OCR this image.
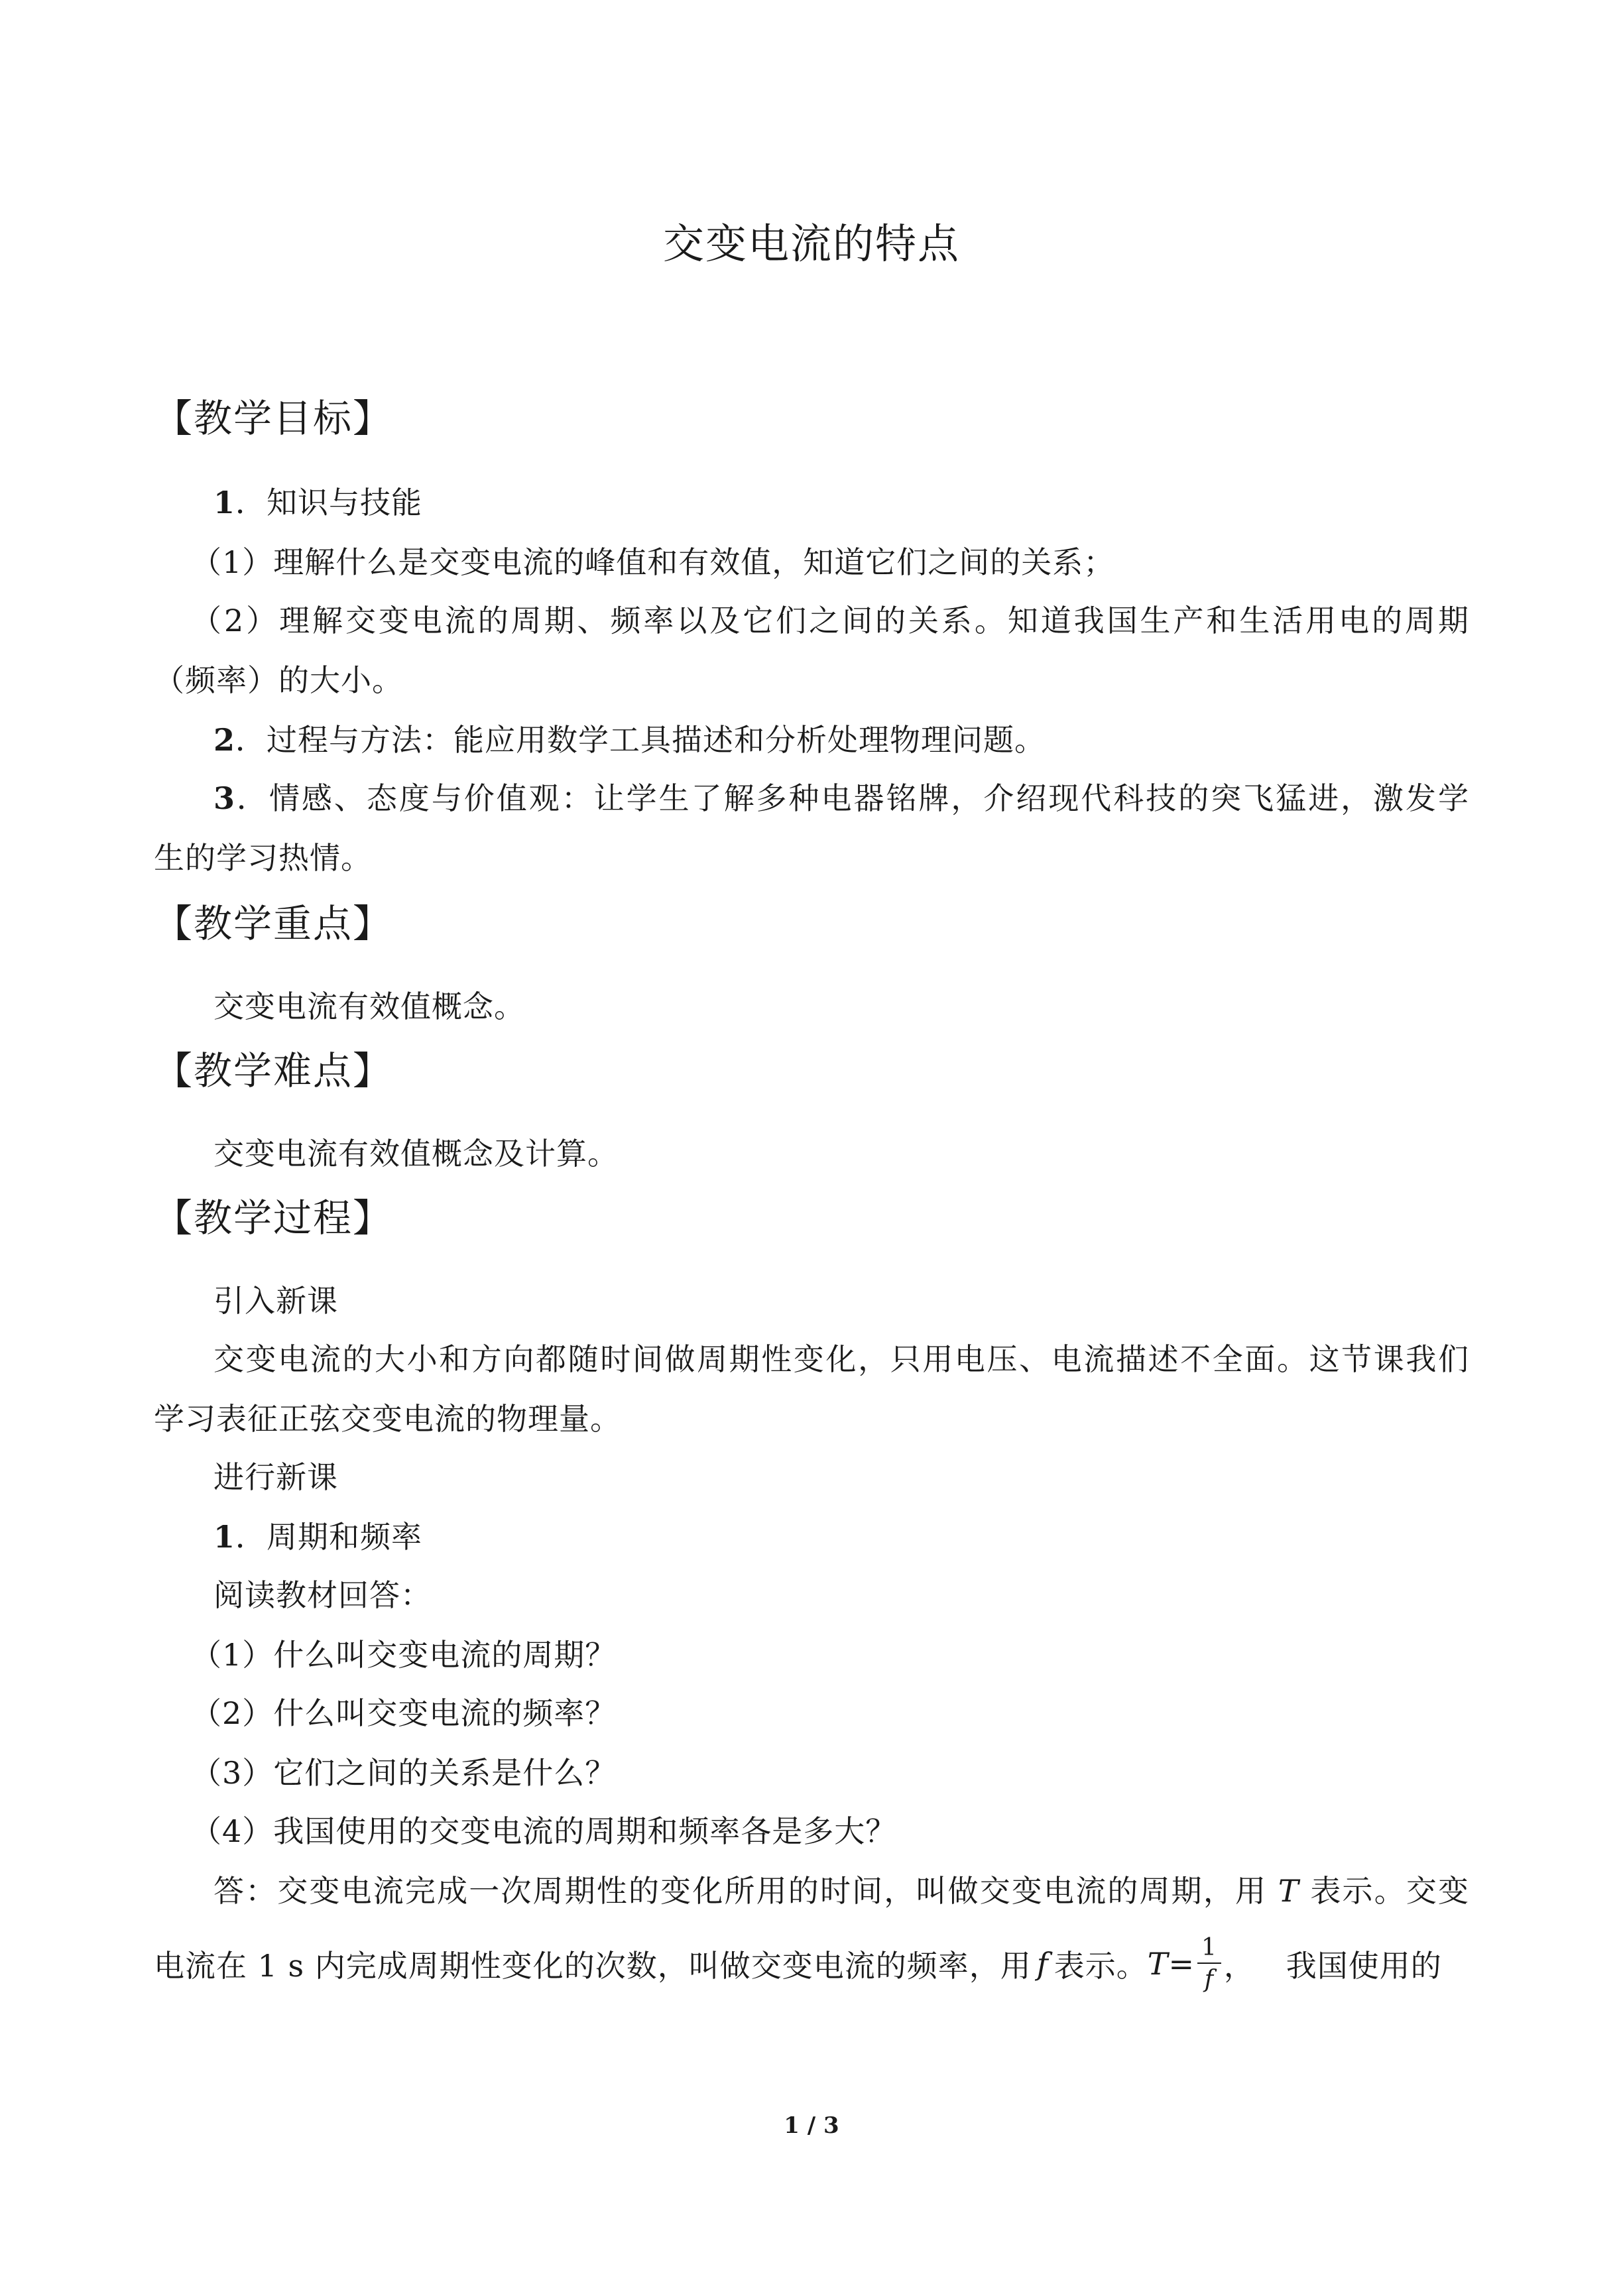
交变电流的特点
【教学目标】
1．知识与技能
（1）理解什么是交变电流的峰值和有效值，知道它们之间的关系；
（2）理解交变电流的周期、频率以及它们之间的关系。知道我国生产和生活用电的周期
（频率）的大小。
2．过程与方法：能应用数学工具描述和分析处理物理问题。
3．情感、态度与价值观：让学生了解多种电器铭牌，介绍现代科技的突飞猛进，激发学
生的学习热情。
【教学重点】
交变电流有效值概念。
【教学难点】
交变电流有效值概念及计算。
【教学过程】
引入新课
交变电流的大小和方向都随时间做周期性变化，只用电压、电流描述不全面。这节课我们
学习表征正弦交变电流的物理量。
进行新课
1．周期和频率
阅读教材回答：
（1）什么叫交变电流的周期？
（2）什么叫交变电流的频率？
（3）它们之间的关系是什么？
（4）我国使用的交变电流的周期和频率各是多大？
答：交变电流完成一次周期性的变化所用的时间，叫做交变电流的周期，用 T 表示。交变
电流在 1 s 内完成周期性变化的次数，叫做交变电流的频率，用 f 表示。 $T = \frac{1}{f}$ ，   我国使用的
1 / 3
